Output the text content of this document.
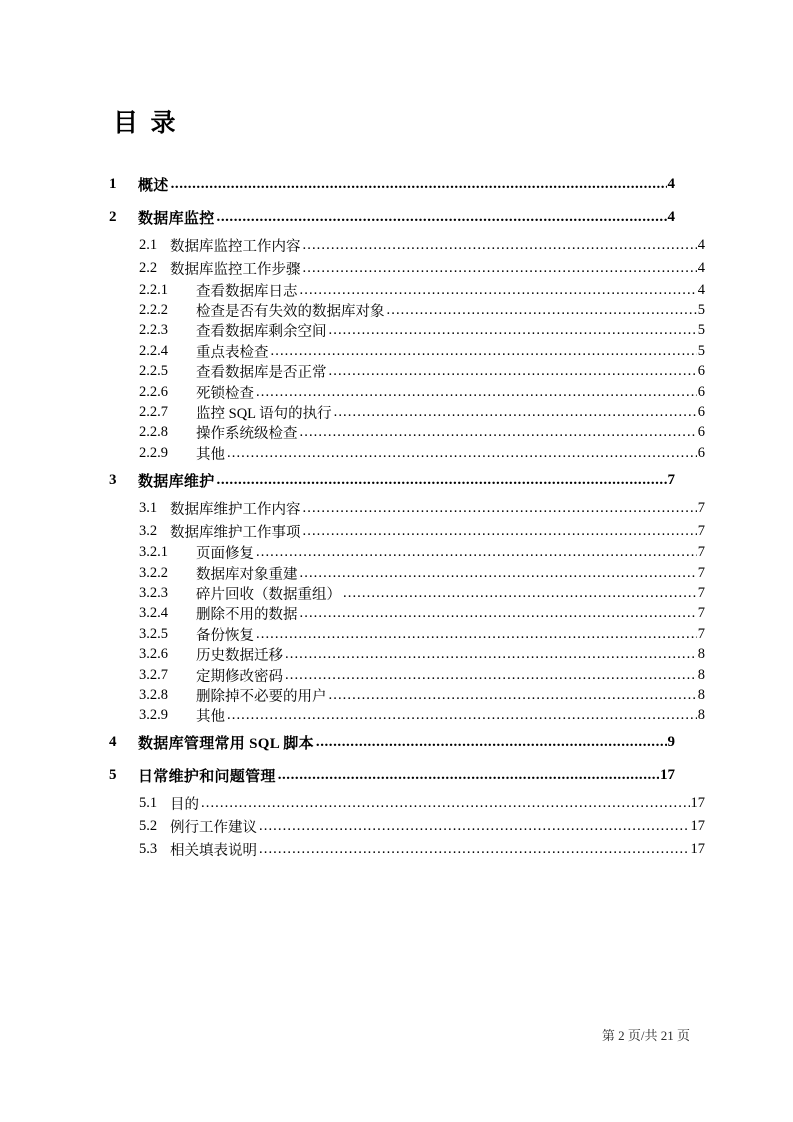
目  录
1	概述 .....	4
2	数据库监控 .....	4
2.1 数据库监控工作内容 .....	4
2.2 数据库监控工作步骤 .....	4
2.2.1	查看数据库日志 .....	4
2.2.2	检查是否有失效的数据库对象 .....	5
2.2.3	查看数据库剩余空间 .....	5
2.2.4	重点表检查 .....	5
2.2.5	查看数据库是否正常 .....	6
2.2.6	死锁检查 .....	6
2.2.7	监控 SQL 语句的执行 .....	6
2.2.8	操作系统级检查 .....	6
2.2.9	其他 .....	6
3	数据库维护 .....	7
3.1 数据库维护工作内容 .....	7
3.2 数据库维护工作事项 .....	7
3.2.1	页面修复 .....	7
3.2.2	数据库对象重建 .....	7
3.2.3	碎片回收（数据重组） .....	7
3.2.4	删除不用的数据 .....	7
3.2.5	备份恢复 .....	7
3.2.6	历史数据迁移 .....	8
3.2.7	定期修改密码 .....	8
3.2.8	删除掉不必要的用户 .....	8
3.2.9	其他 .....	8
4	数据库管理常用 SQL 脚本 .....	9
5	日常维护和问题管理 .....	17
5.1 目的 .....	17
5.2 例行工作建议 .....	17
5.3 相关填表说明 .....	17
第 2 页/共 21 页
